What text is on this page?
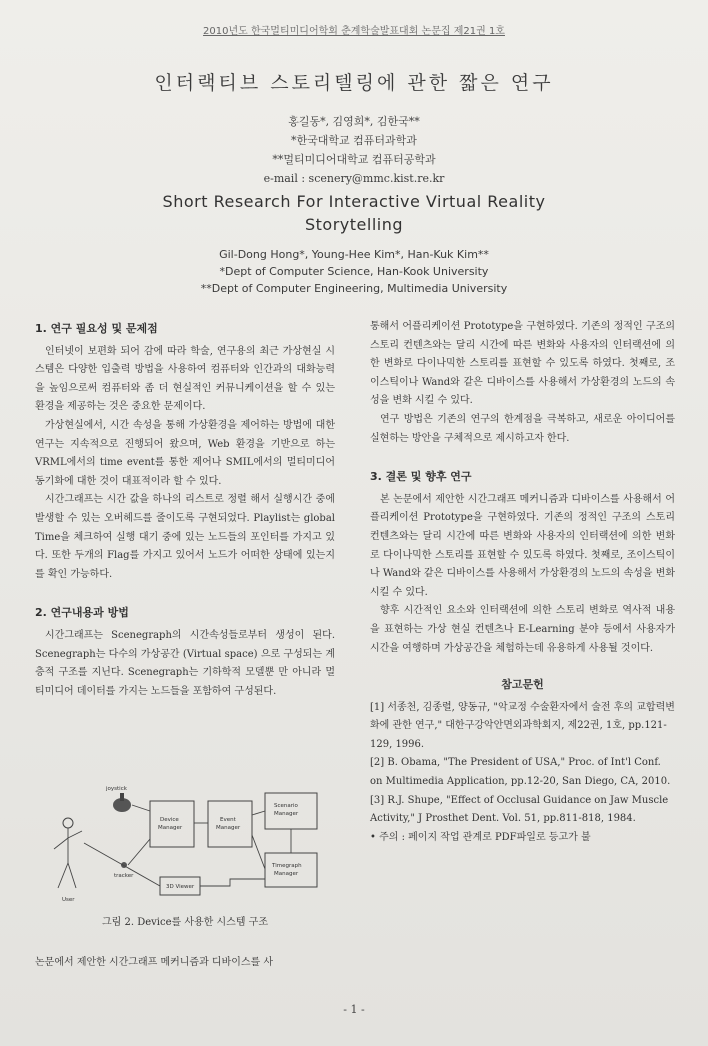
2010년도 한국멀티미디어학회 춘계학술발표대회 논문집 제21권 1호
인터랙티브 스토리텔링에 관한 짧은 연구
홍길동*, 김영희*, 김한국**
*한국대학교 컴퓨터과학과
**멀티미디어대학교 컴퓨터공학과
e-mail : scenery@mmc.kist.re.kr
Short Research For Interactive Virtual Reality
Storytelling
Gil-Dong Hong*, Young-Hee Kim*, Han-Kuk Kim**
*Dept of Computer Science, Han-Kook University
**Dept of Computer Engineering, Multimedia University
1. 연구 필요성 및 문제점

인터넷이 보편화 되어 감에 따라 학술, 연구용의 최근 가상현실 시스템은 다양한 입출력 방법을 사용하여 컴퓨터와 인간과의 대화능력을 높임으로써 컴퓨터와 좀 더 현실적인 커뮤니케이션을 할 수 있는 환경을 제공하는 것은 중요한 문제이다.

가상현실에서, 시간 속성을 통해 가상환경을 제어하는 방법에 대한 연구는 지속적으로 진행되어 왔으며, Web 환경을 기반으로 하는 VRML에서의 time event를 통한 제어나 SMIL에서의 멀티미디어 동기화에 대한 것이 대표적이라 할 수 있다.

시간그래프는 시간 값을 하나의 리스트로 정렬 해서 실행시간 중에 발생할 수 있는 오버헤드를 줄이도록 구현되었다. Playlist는 global Time을 체크하여 실행 대기 중에 있는 노드들의 포인터를 가지고 있다. 또한 두개의 Flag를 가지고 있어서 노드가 어떠한 상태에 있는지를 확인 가능하다.

2. 연구내용과 방법

시간그래프는 Scenegraph의 시간속성들로부터 생성이 된다. Scenegraph는 다수의 가상공간 (Virtual space) 으로 구성되는 계층적 구조를 지닌다. Scenegraph는 기하학적 모델뿐 만 아니라 멀티미디어 데이터를 가지는 노드들을 포함하여 구성된다.

joystick
User
tracker
Device
Manager
Event
Manager
Scenario
Manager
Timegraph
Manager
3D Viewer
그림 2. Device를 사용한 시스템 구조
논문에서 제안한 시간그래프 메커니즘과 디바이스를 사

통해서 어플리케이션 Prototype을 구현하였다. 기존의 정적인 구조의 스토리 컨텐츠와는 달리 시간에 따른 변화와 사용자의 인터랙션에 의한 변화로 다이나믹한 스토리를 표현할 수 있도록 하였다. 첫째로, 조이스틱이나 Wand와 같은 디바이스를 사용해서 가상환경의 노드의 속성을 변화 시킬 수 있다.

연구 방법은 기존의 연구의 한계점을 극복하고, 새로운 아이디어를 실현하는 방안을 구체적으로 제시하고자 한다.

3. 결론 및 향후 연구

본 논문에서 제안한 시간그래프 메커니즘과 디바이스를 사용해서 어플리케이션 Prototype을 구현하였다. 기존의 정적인 구조의 스토리 컨텐츠와는 달리 시간에 따른 변화와 사용자의 인터랙션에 의한 변화로 다이나믹한 스토리를 표현할 수 있도록 하였다. 첫째로, 조이스틱이나 Wand와 같은 디바이스를 사용해서 가상환경의 노드의 속성을 변화 시킬 수 있다.

향후 시간적인 요소와 인터랙션에 의한 스토리 변화로 역사적 내용을 표현하는 가상 현실 컨텐츠나 E-Learning 분야 등에서 사용자가 시간을 여행하며 가상공간을 체험하는데 유용하게 사용될 것이다.

참고문헌

[1] 서종천, 김종렬, 양동규, "악교정 수술환자에서 술전 후의 교합력변화에 관한 연구," 대한구강악안면외과학회지, 제22권, 1호, pp.121-129, 1996.

[2] B. Obama, "The President of USA," Proc. of Int'l Conf. on Multimedia Application, pp.12-20, San Diego, CA, 2010.

[3] R.J. Shupe, "Effect of Occlusal Guidance on Jaw Muscle Activity," J Prosthet Dent. Vol. 51, pp.811-818, 1984.

• 주의 : 페이지 작업 관계로 PDF파일로 등고가 불

- 1 -
